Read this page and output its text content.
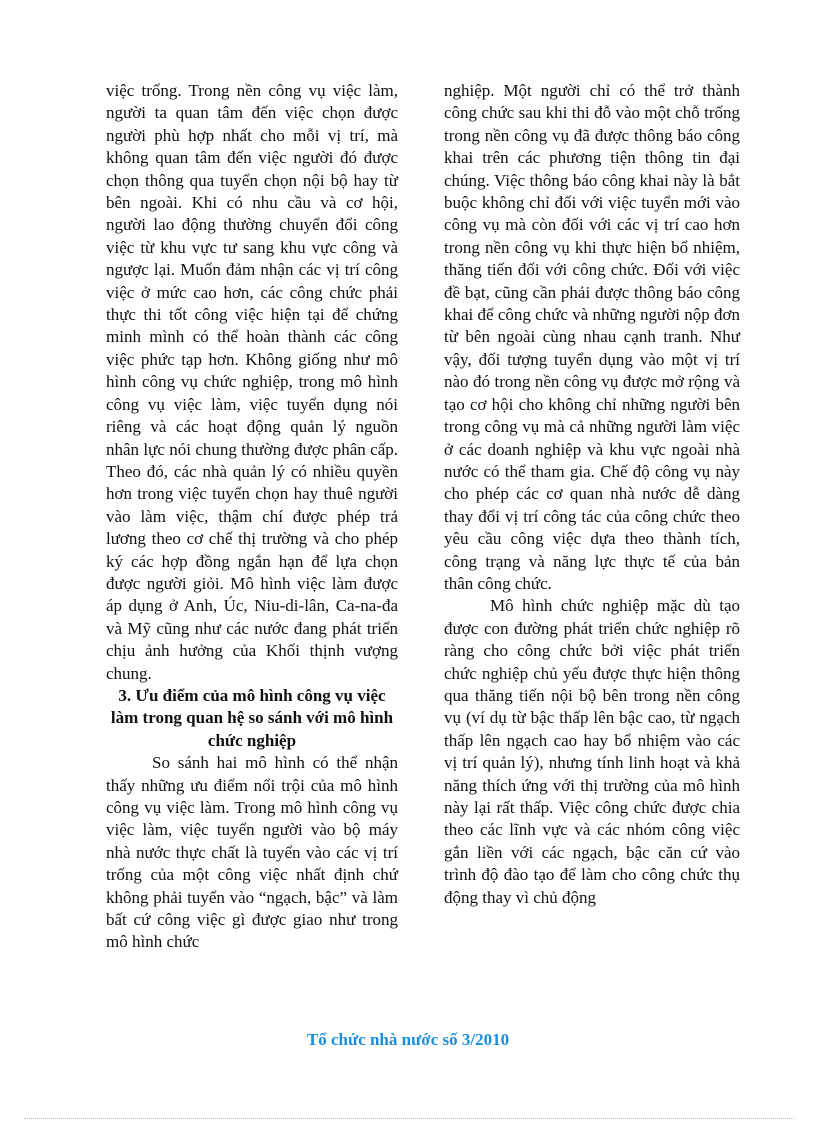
việc trống. Trong nền công vụ việc làm, người ta quan tâm đến việc chọn được người phù hợp nhất cho mỗi vị trí, mà không quan tâm đến việc người đó được chọn thông qua tuyển chọn nội bộ hay từ bên ngoài. Khi có nhu cầu và cơ hội, người lao động thường chuyển đổi công việc từ khu vực tư sang khu vực công và ngược lại. Muốn đảm nhận các vị trí công việc ở mức cao hơn, các công chức phải thực thi tốt công việc hiện tại để chứng minh mình có thể hoàn thành các công việc phức tạp hơn. Không giống như mô hình công vụ chức nghiệp, trong mô hình công vụ việc làm, việc tuyển dụng nói riêng và các hoạt động quản lý nguồn nhân lực nói chung thường được phân cấp. Theo đó, các nhà quản lý có nhiều quyền hơn trong việc tuyển chọn hay thuê người vào làm việc, thậm chí được phép trả lương theo cơ chế thị trường và cho phép ký các hợp đồng ngắn hạn để lựa chọn được người giỏi. Mô hình việc làm được áp dụng ở Anh, Úc, Niu-di-lân, Ca-na-đa và Mỹ cũng như các nước đang phát triển chịu ảnh hưởng của Khối thịnh vượng chung.

3. Ưu điểm của mô hình công vụ việc làm trong quan hệ so sánh với mô hình chức nghiệp

So sánh hai mô hình có thể nhận thấy những ưu điểm nổi trội của mô hình công vụ việc làm. Trong mô hình công vụ việc làm, việc tuyển người vào bộ máy nhà nước thực chất là tuyển vào các vị trí trống của một công việc nhất định chứ không phải tuyển vào “ngạch, bậc” và làm bất cứ công việc gì được giao như trong mô hình chức

nghiệp. Một người chỉ có thể trở thành công chức sau khi thi đỗ vào một chỗ trống trong nền công vụ đã được thông báo công khai trên các phương tiện thông tin đại chúng. Việc thông báo công khai này là bắt buộc không chỉ đối với việc tuyển mới vào công vụ mà còn đối với các vị trí cao hơn trong nền công vụ khi thực hiện bổ nhiệm, thăng tiến đối với công chức. Đối với việc đề bạt, cũng cần phải được thông báo công khai để công chức và những người nộp đơn từ bên ngoài cùng nhau cạnh tranh. Như vậy, đối tượng tuyển dụng vào một vị trí nào đó trong nền công vụ được mở rộng và tạo cơ hội cho không chỉ những người bên trong công vụ mà cả những người làm việc ở các doanh nghiệp và khu vực ngoài nhà nước có thể tham gia. Chế độ công vụ này cho phép các cơ quan nhà nước dễ dàng thay đổi vị trí công tác của công chức theo yêu cầu công việc dựa theo thành tích, công trạng và năng lực thực tế của bản thân công chức.

Mô hình chức nghiệp mặc dù tạo được con đường phát triển chức nghiệp rõ ràng cho công chức bởi việc phát triển chức nghiệp chủ yếu được thực hiện thông qua thăng tiến nội bộ bên trong nền công vụ (ví dụ từ bậc thấp lên bậc cao, từ ngạch thấp lên ngạch cao hay bổ nhiệm vào các vị trí quản lý), nhưng tính linh hoạt và khả năng thích ứng với thị trường của mô hình này lại rất thấp. Việc công chức được chia theo các lĩnh vực và các nhóm công việc gắn liền với các ngạch, bậc căn cứ vào trình độ đào tạo để làm cho công chức thụ động thay vì chủ động

Tổ chức nhà nước số 3/2010
